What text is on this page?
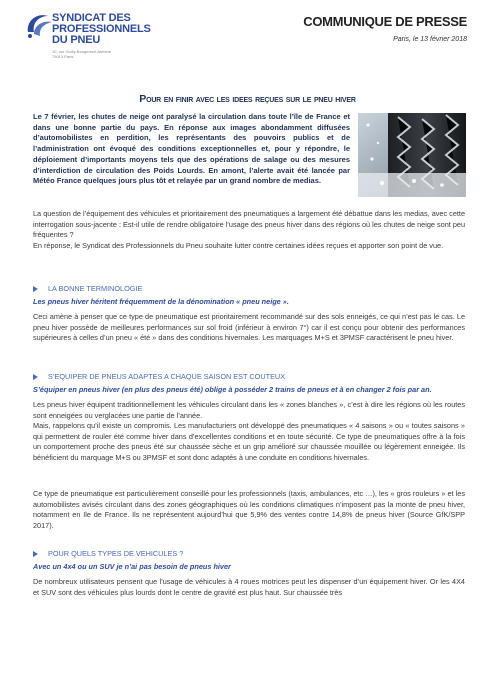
SYNDICAT DES
PROFESSIONNELS
DU PNEU
10, rue Guilly-Bougereuil-Antoine
75013 Paris
COMMUNIQUE DE PRESSE
Paris, le 13 février 2018
Pour en finir avec les idees reçues sur le pneu hiver

Le 7 février, les chutes de neige ont paralysé la circulation dans toute l’île de France et dans une bonne partie du pays. En réponse aux images abondamment diffusées d’automobilistes en perdition, les représentants des pouvoirs publics et de l’administration ont évoqué des conditions exceptionnelles et, pour y répondre, le déploiement d’importants moyens tels que des opérations de salage ou des mesures d’interdiction de circulation des Poids Lourds. En amont, l’alerte avait été lancée par Météo France quelques jours plus tôt et relayée par un grand nombre de medias.

La question de l’équipement des véhicules et prioritairement des pneumatiques a largement été débattue dans les medias, avec cette interrogation sous-jacente : Est-il utile de rendre obligatoire l’usage des pneus hiver dans des régions où les chutes de neige sont peu fréquentes ?

En réponse, le Syndicat des Professionnels du Pneu souhaite lutter contre certaines idées reçues et apporter son point de vue.

LA BONNE TERMINOLOGIE
Les pneus hiver héritent fréquemment de la dénomination « pneu neige ».

Ceci amène à penser que ce type de pneumatique est prioritairement recommandé sur des sols enneigés, ce qui n’est pas le cas. Le pneu hiver possède de meilleures performances sur sol froid (inférieur à environ 7°) car il est conçu pour obtenir des performances supérieures à celles d’un pneu « été » dans des conditions hivernales. Les marquages M+S et 3PMSF caractérisent le pneu hiver.

S’EQUIPER DE PNEUS ADAPTES A CHAQUE SAISON EST COUTEUX
S’équiper en pneus hiver (en plus des pneus été) oblige à posséder 2 trains de pneus et à en changer 2 fois par an.

Les pneus hiver équipent traditionnellement les véhicules circulant dans les « zones blanches », c’est à dire les régions où les routes sont enneigées ou verglacées une partie de l’année.

Mais, rappelons qu’il existe un compromis. Les manufacturiers ont développé des pneumatiques « 4 saisons » ou « toutes saisons » qui permettent de rouler été comme hiver dans d’excellentes conditions et en toute sécurité. Ce type de pneumatiques offre à la fois un comportement proche des pneus été sur chaussée sèche et un grip amélioré sur chaussée mouillée ou légèrement enneigée. Ils bénéficient du marquage M+S ou 3PMSF et sont donc adaptés à une conduite en conditions hivernales.

Ce type de pneumatique est particulièrement conseillé pour les professionnels (taxis, ambulances, etc …), les « gros rouleurs » et les automobilistes avisés circulant dans des zones géographiques où les conditions climatiques n’imposent pas la monte de pneu hiver, notamment en Ile de France. Ils ne représentent aujourd’hui que 5,9% des ventes contre 14,8% de pneus hiver (Source GfK/SPP 2017).

POUR QUELS TYPES DE VEHICULES ?
Avec un 4x4 ou un SUV je n’ai pas besoin de pneus hiver

De nombreux utilisateurs pensent que l’usage de véhicules à 4 roues motrices peut les dispenser d’un équipement hiver. Or les 4X4 et SUV sont des véhicules plus lourds dont le centre de gravité est plus haut. Sur chaussée très
